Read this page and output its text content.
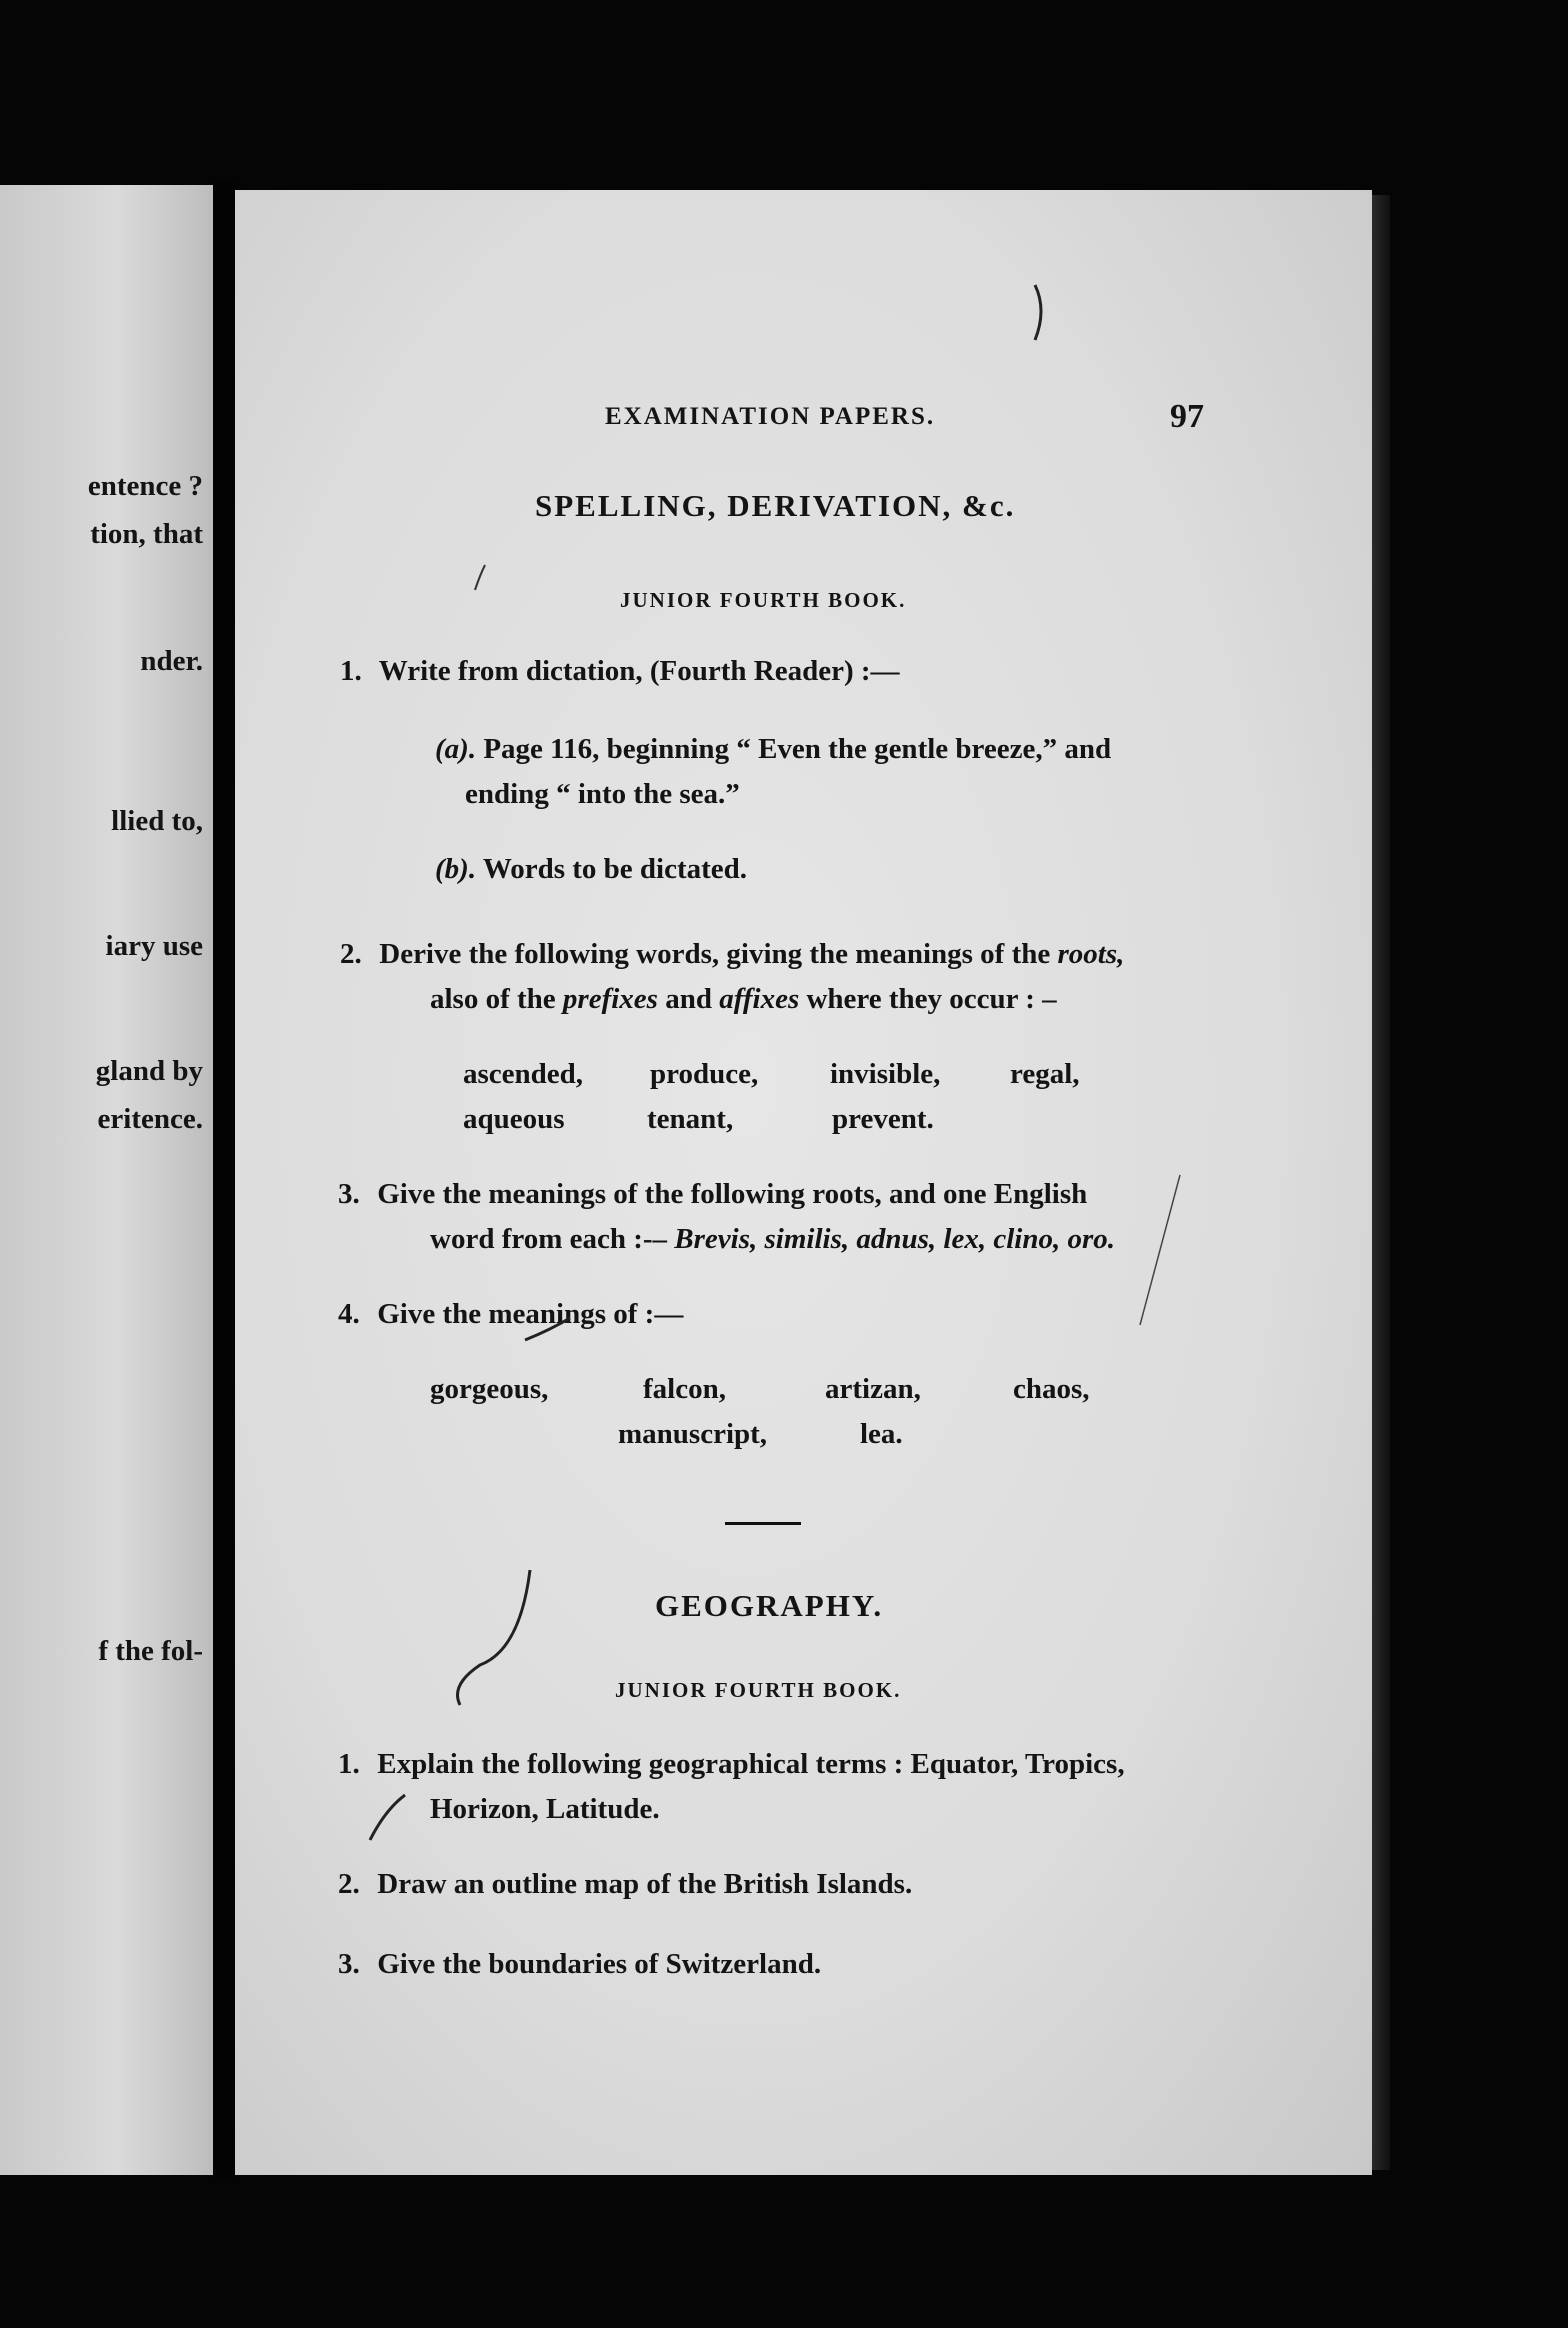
entence ?
tion, that
nder.
llied to,
iary use
gland by
eritence.
f the fol-
EXAMINATION PAPERS.	97
SPELLING, DERIVATION, &c.
JUNIOR FOURTH BOOK.
1. Write from dictation, (Fourth Reader) :—
(a). Page 116, beginning “ Even the gentle breeze,” and
ending “ into the sea.”
(b). Words to be dictated.
2. Derive the following words, giving the meanings of the roots,
also of the prefixes and affixes where they occur : –
ascended, produce, invisible, regal,
aqueous	tenant,	prevent.
3. Give the meanings of the following roots, and one English
word from each :-– Brevis, similis, adnus, lex, clino, oro.
4. Give the meanings of :—
gorgeous,	falcon,	artizan,	chaos,
manuscript,	lea.
GEOGRAPHY.
JUNIOR FOURTH BOOK.
1. Explain the following geographical terms : Equator, Tropics,
Horizon, Latitude.
2. Draw an outline map of the British Islands.
3. Give the boundaries of Switzerland.
